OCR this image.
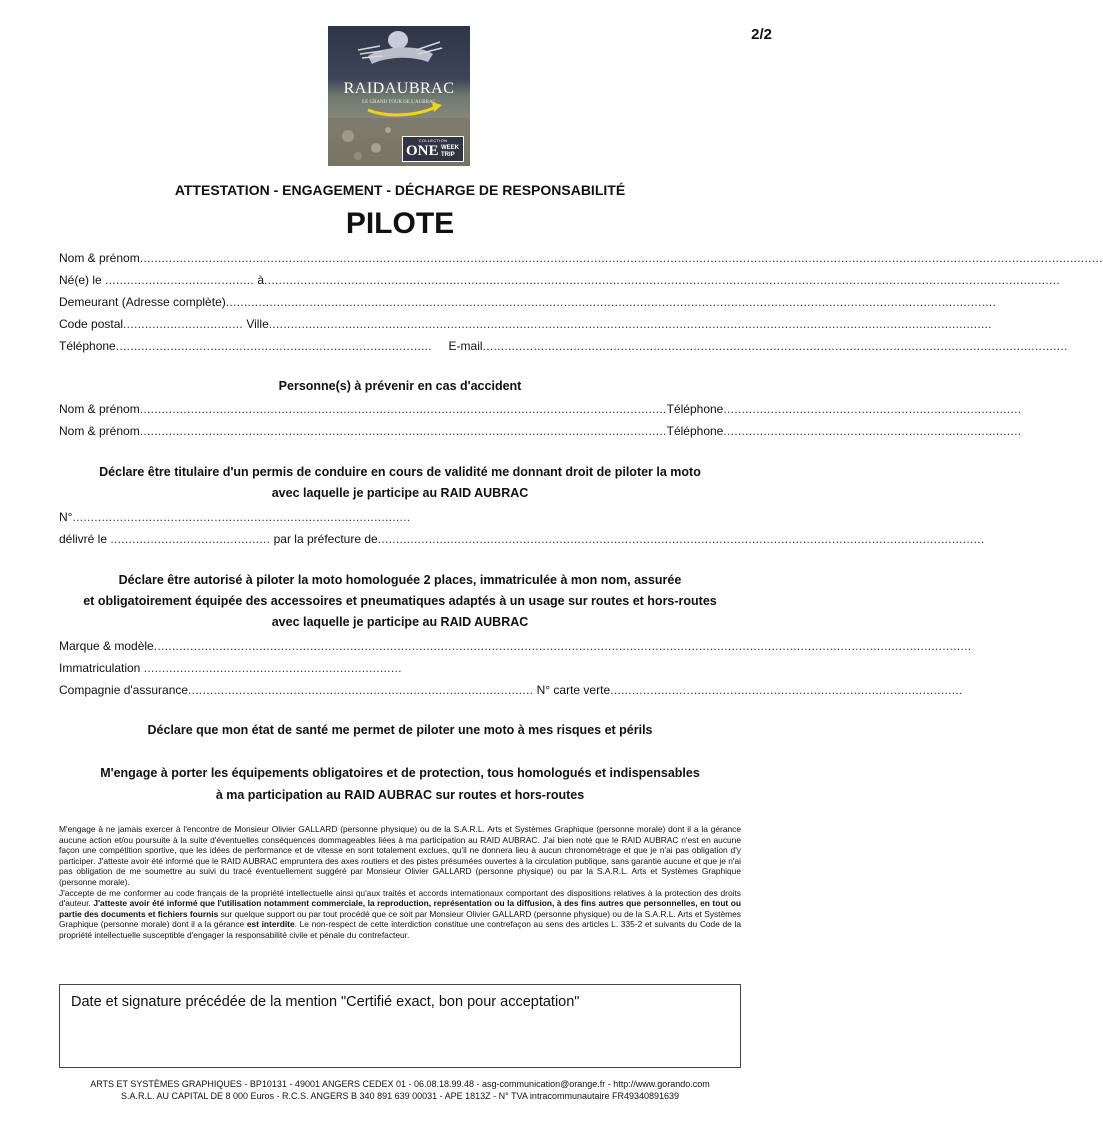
2/2
RAIDAUBRAC
LE GRAND TOUR DE L'AUBRAC
COLLECTION
ONE WEEK
TRIP
ATTESTATION - ENGAGEMENT - DÉCHARGE DE RESPONSABILITÉ
PILOTE
Nom & prénom.........................................................................................................................................................................................................................................................................
Né(e) le ......................................... à...........................................................................................................................................................................................................................
Demeurant (Adresse complète)....................................................................................................................................................................................................................
Code postal................................. Ville.......................................................................................................................................................................................................
Téléphone....................................................................................... E-mail.................................................................................................................................................................
Personne(s) à prévenir en cas d'accident
Nom & prénom.................................................................................................................................................Téléphone..................................................................................
Nom & prénom.................................................................................................................................................Téléphone..................................................................................
Déclare être titulaire d'un permis de conduire en cours de validité me donnant droit de piloter la moto
avec laquelle je participe au RAID AUBRAC
N°.............................................................................................
délivré le ............................................ par la préfecture de.......................................................................................................................................................................
Déclare être autorisé à piloter la moto homologuée 2 places, immatriculée à mon nom, assurée
et obligatoirement équipée des accessoires et pneumatiques adaptés à un usage sur routes et hors-routes
avec laquelle je participe au RAID AUBRAC
Marque & modèle.................................................................................................................................................................................................................................
Immatriculation .......................................................................
Compagnie d'assurance............................................................................................... N° carte verte.................................................................................................
Déclare que mon état de santé me permet de piloter une moto à mes risques et périls
M'engage à porter les équipements obligatoires et de protection, tous homologués et indispensables
à ma participation au RAID AUBRAC sur routes et hors-routes

M'engage à ne jamais exercer à l'encontre de Monsieur Olivier GALLARD (personne physique) ou de la S.A.R.L. Arts et Systèmes Graphique (personne morale) dont il a la gérance aucune action et/ou poursuite à la suite d'éventuelles conséquences dommageables liées à ma participation au RAID AUBRAC. J'ai bien noté que le RAID AUBRAC n'est en aucune façon une compétition sportive, que les idées de performance et de vitesse en sont totalement exclues, qu'il ne donnera lieu à aucun chronométrage et que je n'ai pas obligation d'y participer. J'atteste avoir été informé que le RAID AUBRAC empruntera des axes routiers et des pistes présumées ouvertes à la circulation publique, sans garantie aucune et que je n'ai pas obligation de me soumettre au suivi du tracé éventuellement suggéré par Monsieur Olivier GALLARD (personne physique) ou par la S.A.R.L. Arts et Systèmes Graphique (personne morale).

J'accepte de me conformer au code français de la propriété intellectuelle ainsi qu'aux traités et accords internationaux comportant des dispositions relatives à la protection des droits d'auteur. J'atteste avoir été informé que l'utilisation notamment commerciale, la reproduction, représentation ou la diffusion, à des fins autres que personnelles, en tout ou partie des documents et fichiers fournis sur quelque support ou par tout procédé que ce soit par Monsieur Olivier GALLARD (personne physique) ou de la S.A.R.L. Arts et Systèmes Graphique (personne morale) dont il a la gérance est interdite. Le non-respect de cette interdiction constitue une contrefaçon au sens des articles L. 335-2 et suivants du Code de la propriété intellectuelle susceptible d'engager la responsabilité civile et pénale du contrefacteur.

Date et signature précédée de la mention "Certifié exact, bon pour acceptation"
ARTS ET SYSTÈMES GRAPHIQUES - BP10131 - 49001 ANGERS CEDEX 01 - 06.08.18.99.48 - asg-communication@orange.fr - http://www.gorando.com
S.A.R.L. AU CAPITAL DE 8 000 Euros - R.C.S. ANGERS B 340 891 639 00031 - APE 1813Z - N° TVA intracommunautaire FR49340891639
